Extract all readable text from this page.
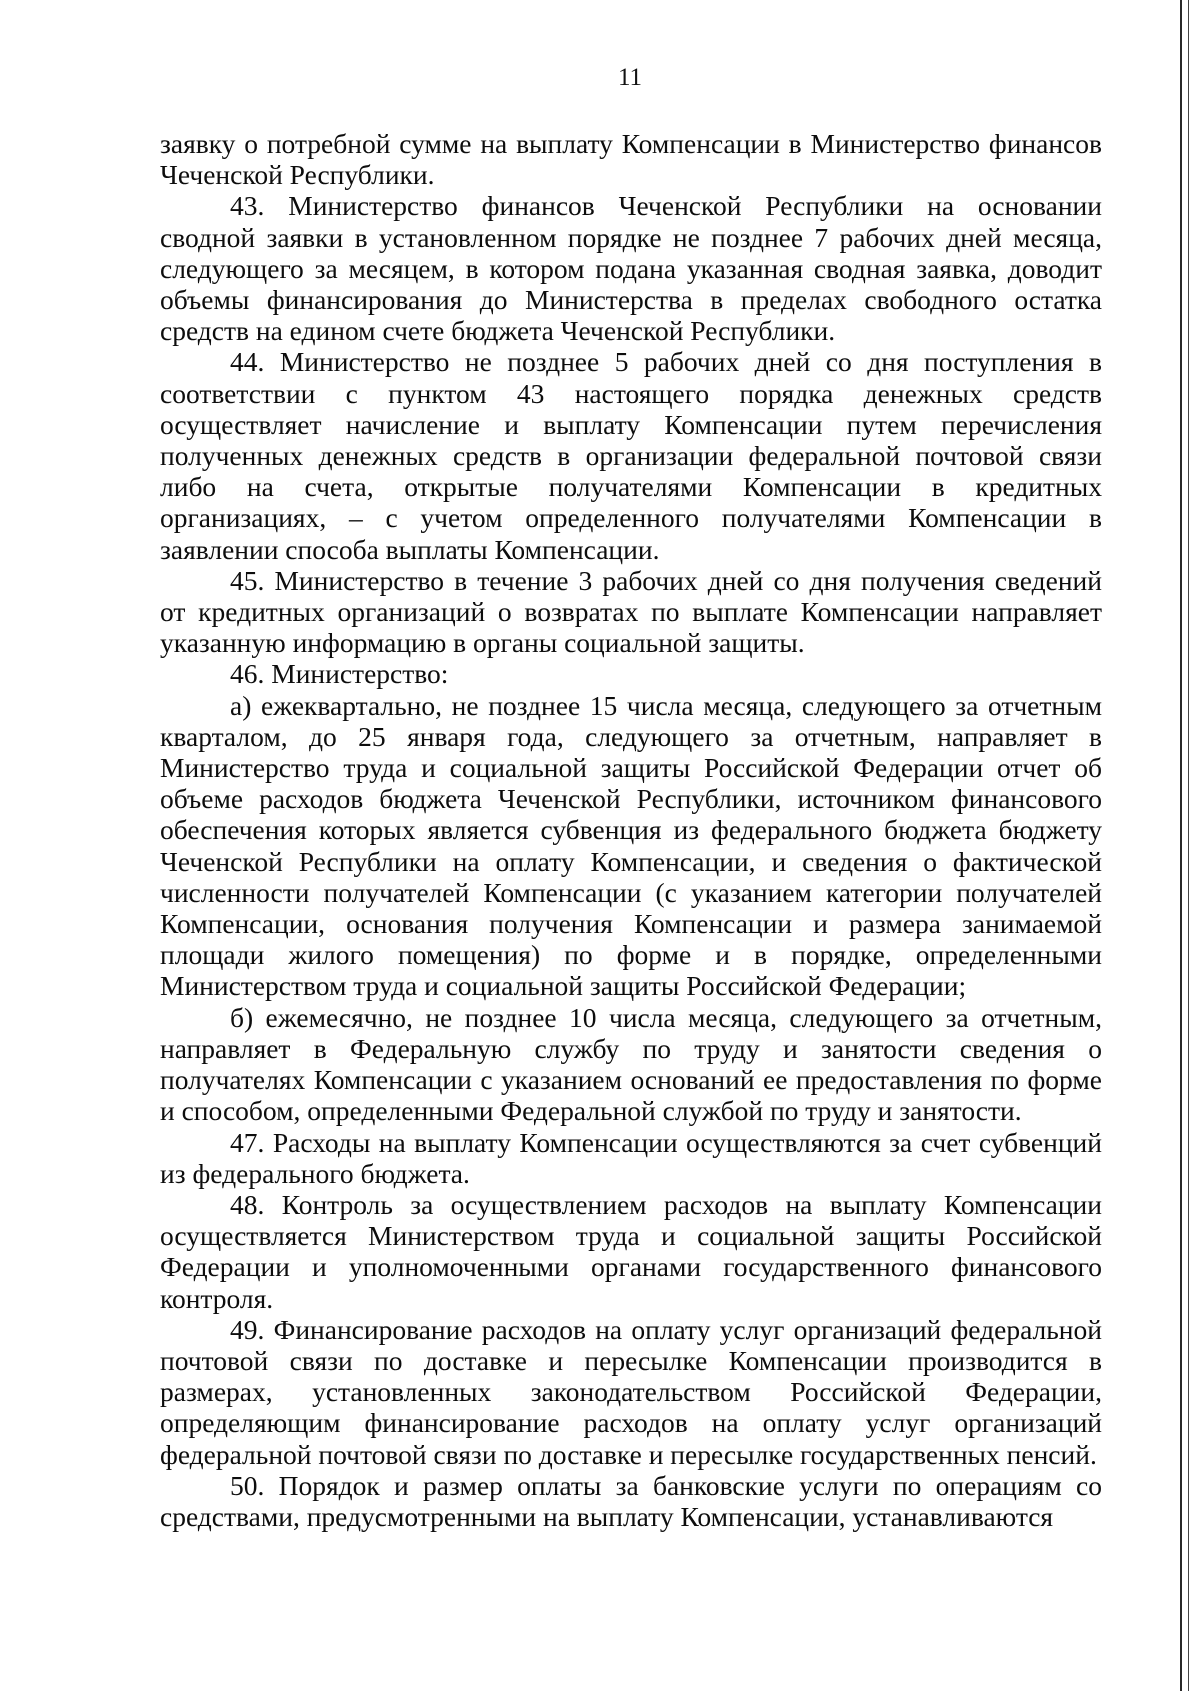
11

заявку о потребной сумме на выплату Компенсации в Министерство финансов Чеченской Республики.

43. Министерство финансов Чеченской Республики на основании сводной заявки в установленном порядке не позднее 7 рабочих дней месяца, следующего за месяцем, в котором подана указанная сводная заявка, доводит объемы финансирования до Министерства в пределах свободного остатка средств на едином счете бюджета Чеченской Республики.

44. Министерство не позднее 5 рабочих дней со дня поступления в соответствии с пунктом 43 настоящего порядка денежных средств осуществляет начисление и выплату Компенсации путем перечисления полученных денежных средств в организации федеральной почтовой связи либо на счета, открытые получателями Компенсации в кредитных организациях, – с учетом определенного получателями Компенсации в заявлении способа выплаты Компенсации.

45. Министерство в течение 3 рабочих дней со дня получения сведений от кредитных организаций о возвратах по выплате Компенсации направляет указанную информацию в органы социальной защиты.

46. Министерство:

а) ежеквартально, не позднее 15 числа месяца, следующего за отчетным кварталом, до 25 января года, следующего за отчетным, направляет в Министерство труда и социальной защиты Российской Федерации отчет об объеме расходов бюджета Чеченской Республики, источником финансового обеспечения которых является субвенция из федерального бюджета бюджету Чеченской Республики на оплату Компенсации, и сведения о фактической численности получателей Компенсации (с указанием категории получателей Компенсации, основания получения Компенсации и размера занимаемой площади жилого помещения) по форме и в порядке, определенными Министерством труда и социальной защиты Российской Федерации;

б) ежемесячно, не позднее 10 числа месяца, следующего за отчетным, направляет в Федеральную службу по труду и занятости сведения о получателях Компенсации с указанием оснований ее предоставления по форме и способом, определенными Федеральной службой по труду и занятости.

47. Расходы на выплату Компенсации осуществляются за счет субвенций из федерального бюджета.

48. Контроль за осуществлением расходов на выплату Компенсации осуществляется Министерством труда и социальной защиты Российской Федерации и уполномоченными органами государственного финансового контроля.

49. Финансирование расходов на оплату услуг организаций федеральной почтовой связи по доставке и пересылке Компенсации производится в размерах, установленных законодательством Российской Федерации, определяющим финансирование расходов на оплату услуг организаций федеральной почтовой связи по доставке и пересылке государственных пенсий.

50. Порядок и размер оплаты за банковские услуги по операциям со средствами, предусмотренными на выплату Компенсации, устанавливаются
